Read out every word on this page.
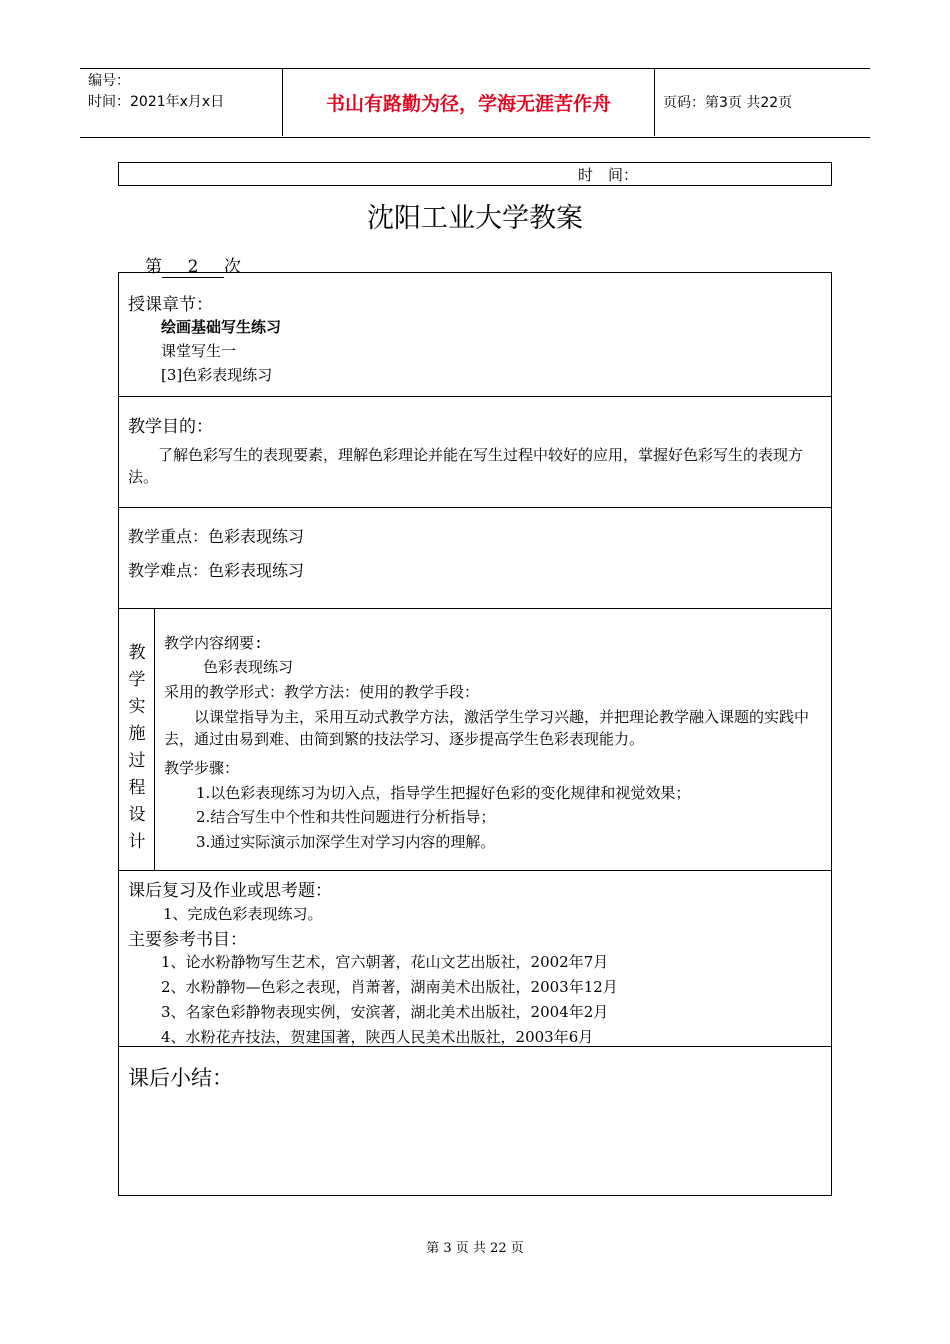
编号：
时间：2021年x月x日	书山有路勤为径，学海无涯苦作舟	页码：第3页 共22页
时　间：
沈阳工业大学教案
第 2 次
授课章节：
绘画基础写生练习
课堂写生一
[3]色彩表现练习
教学目的：
了解色彩写生的表现要素，理解色彩理论并能在写生过程中较好的应用，掌握好色彩写生的表现方法。
教学重点：色彩表现练习
教学难点：色彩表现练习
教
学
实
施
过
程
设
计
教学内容纲要:
色彩表现练习
采用的教学形式：教学方法：使用的教学手段：
以课堂指导为主，采用互动式教学方法，激活学生学习兴趣，并把理论教学融入课题的实践中去，通过由易到难、由简到繁的技法学习、逐步提高学生色彩表现能力。
教学步骤：
1.以色彩表现练习为切入点，指导学生把握好色彩的变化规律和视觉效果；
2.结合写生中个性和共性问题进行分析指导；
3.通过实际演示加深学生对学习内容的理解。
课后复习及作业或思考题：
1、完成色彩表现练习。
主要参考书目：
1、论水粉静物写生艺术，宫六朝著，花山文艺出版社，2002年7月
2、水粉静物—色彩之表现，肖萧著，湖南美术出版社，2003年12月
3、名家色彩静物表现实例，安滨著，湖北美术出版社，2004年2月
4、水粉花卉技法，贺建国著，陕西人民美术出版社，2003年6月
课后小结：
第 3 页 共 22 页
